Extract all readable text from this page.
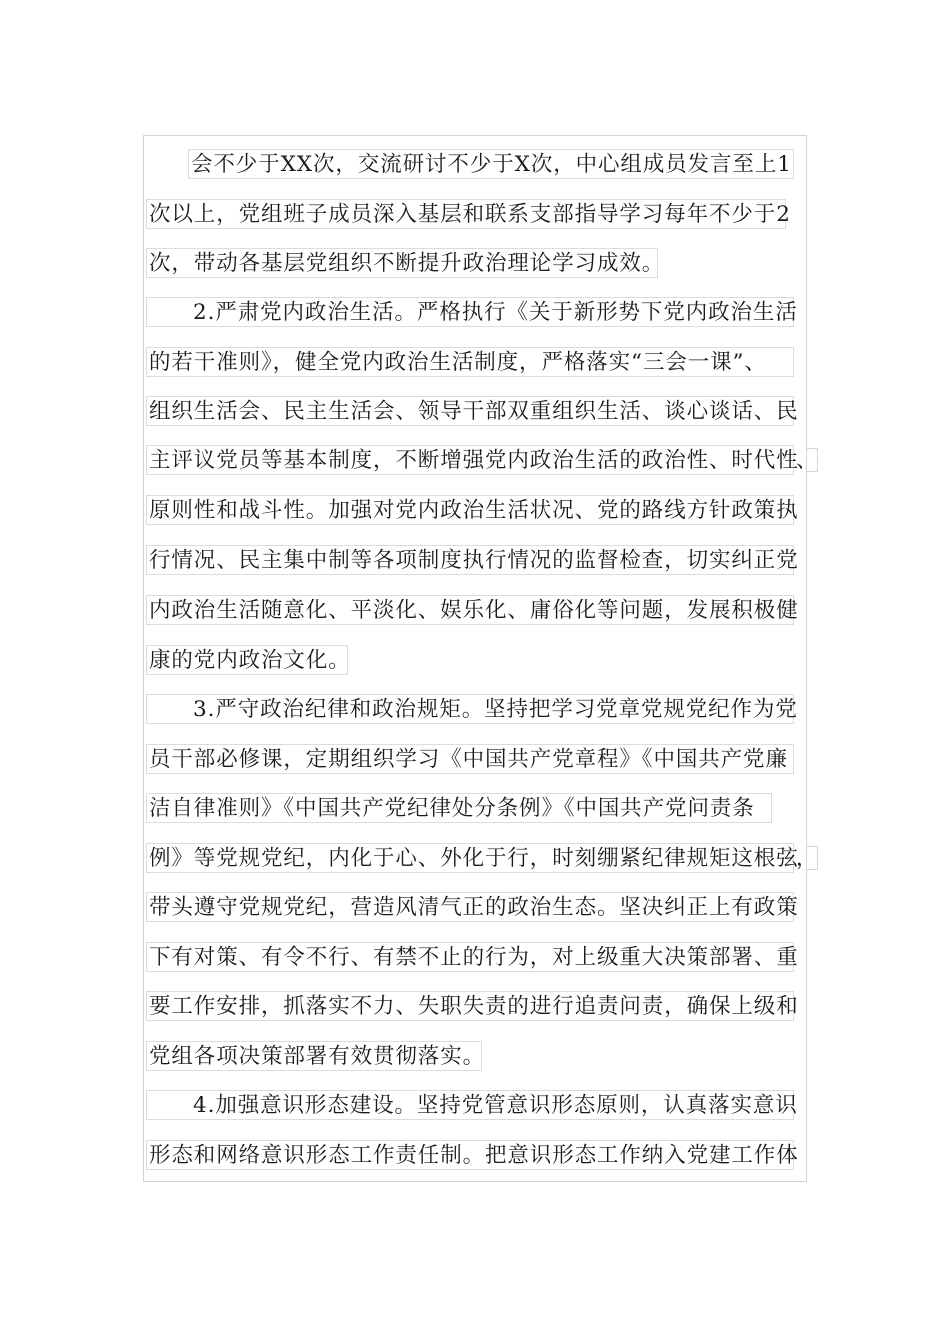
会不少于XX次，交流研讨不少于X次，中心组成员发言至上1
次以上，党组班子成员深入基层和联系支部指导学习每年不少于2
次，带动各基层党组织不断提升政治理论学习成效。
2.严肃党内政治生活。严格执行《关于新形势下党内政治生活
的若干准则》，健全党内政治生活制度，严格落实“三会一课”、
组织生活会、民主生活会、领导干部双重组织生活、谈心谈话、民
主评议党员等基本制度，不断增强党内政治生活的政治性、时代性
原则性和战斗性。加强对党内政治生活状况、党的路线方针政策执
行情况、民主集中制等各项制度执行情况的监督检查，切实纠正党
内政治生活随意化、平淡化、娱乐化、庸俗化等问题，发展积极健
康的党内政治文化。
3.严守政治纪律和政治规矩。坚持把学习党章党规党纪作为党
员干部必修课，定期组织学习《中国共产党章程》《中国共产党廉
洁自律准则》《中国共产党纪律处分条例》《中国共产党问责条
例》等党规党纪，内化于心、外化于行，时刻绷紧纪律规矩这根弦
带头遵守党规党纪，营造风清气正的政治生态。坚决纠正上有政策
下有对策、有令不行、有禁不止的行为，对上级重大决策部署、重
要工作安排，抓落实不力、失职失责的进行追责问责，确保上级和
党组各项决策部署有效贯彻落实。
4.加强意识形态建设。坚持党管意识形态原则，认真落实意识
形态和网络意识形态工作责任制。把意识形态工作纳入党建工作体
、
，
